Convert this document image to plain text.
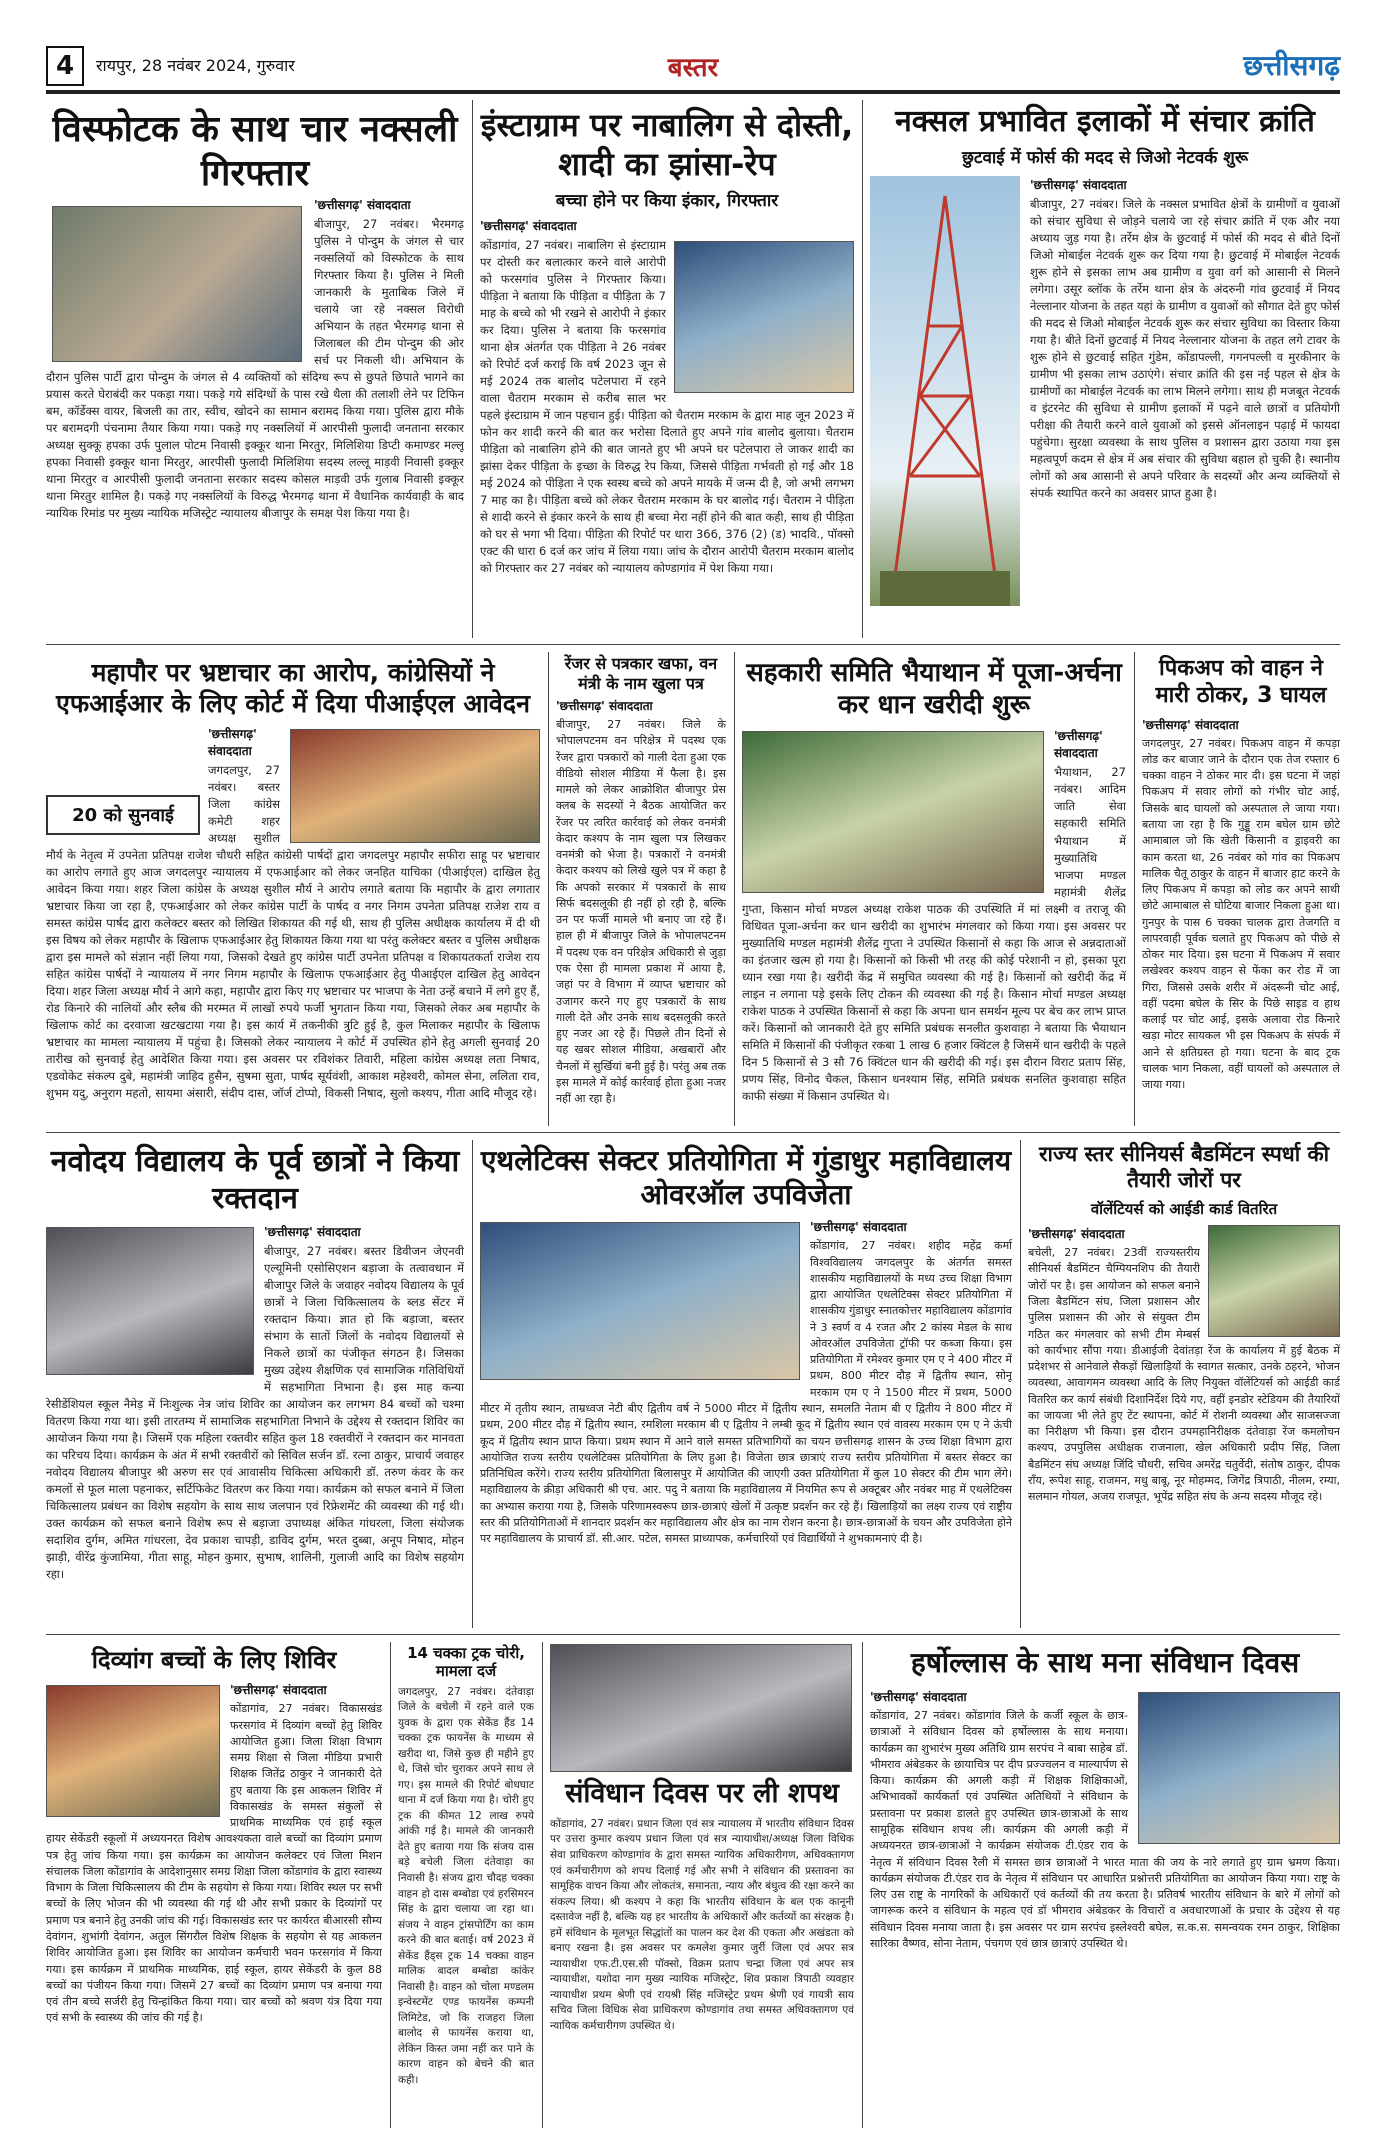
4	रायपुर, 28 नवंबर 2024, गुरुवार	बस्तर	छत्तीसगढ़
विस्फोटक के साथ चार नक्सली गिरफ्तार

'छत्तीसगढ़' संवाददाता

बीजापुर, 27 नवंबर। भैरमगढ़ पुलिस ने पोन्दुम के जंगल से चार नक्सलियों को विस्फोटक के साथ गिरफ्तार किया है। पुलिस ने मिली जानकारी के मुताबिक जिले में चलाये जा रहे नक्सल विरोधी अभियान के तहत भैरमगढ़ थाना से जिलाबल की टीम पोन्दुम की ओर सर्च पर निकली थी। अभियान के दौरान पुलिस पार्टी द्वारा पोन्दुम के जंगल से 4 व्यक्तियों को संदिग्ध रूप से छुपते छिपाते भागने का प्रयास करते घेराबंदी कर पकड़ा गया। पकड़े गये संदिग्धों के पास रखे थैला की तलाशी लेने पर टिफिन बम, कॉर्डेक्स वायर, बिजली का तार, स्वीच, खोदने का सामान बरामद किया गया। पुलिस द्वारा मौके पर बरामदगी पंचनामा तैयार किया गया। पकड़े गए नक्सलियों में आरपीसी फुलादी जनताना सरकार अध्यक्ष सुक्कू हपका उर्फ पुलाल पोटम निवासी इक्कूर थाना मिरतुर, मिलिशिया डिप्टी कमाण्डर मल्लू हपका निवासी इक्कूर थाना मिरतुर, आरपीसी फुलादी मिलिशिया सदस्य लल्लू माड़वी निवासी इक्कूर थाना मिरतुर व आरपीसी फुलादी जनताना सरकार सदस्य कोसल माड़वी उर्फ गुलाब निवासी इक्कूर थाना मिरतुर शामिल है। पकड़े गए नक्सलियों के विरुद्ध भैरमगढ़ थाना में वैधानिक कार्यवाही के बाद न्यायिक रिमांड पर मुख्य न्यायिक मजिस्ट्रेट न्यायालय बीजापुर के समक्ष पेश किया गया है।
इंस्टाग्राम पर नाबालिग से दोस्ती, शादी का झांसा-रेप

बच्चा होने पर किया इंकार, गिरफ्तार

'छत्तीसगढ़' संवाददाता

कोंडागांव, 27 नवंबर। नाबालिग से इंस्टाग्राम पर दोस्ती कर बलात्कार करने वाले आरोपी को फरसगांव पुलिस ने गिरफ्तार किया। पीड़िता ने बताया कि पीड़िता व पीड़िता के 7 माह के बच्चे को भी रखने से आरोपी ने इंकार कर दिया। पुलिस ने बताया कि फरसगांव थाना क्षेत्र अंतर्गत एक पीड़िता ने 26 नवंबर को रिपोर्ट दर्ज कराई कि वर्ष 2023 जून से मई 2024 तक बालोद पटेलपारा में रहने वाला चैतराम मरकाम से करीब साल भर पहले इंस्टाग्राम में जान पहचान हुई। पीड़िता को चैतराम मरकाम के द्वारा माह जून 2023 में फोन कर शादी करने की बात कर भरोसा दिलाते हुए अपने गांव बालोद बुलाया। चैतराम पीड़िता को नाबालिग होने की बात जानते हुए भी अपने घर पटेलपारा ले जाकर शादी का झांसा देकर पीड़िता के इच्छा के विरुद्ध रेप किया, जिससे पीड़िता गर्भवती हो गई और 18 मई 2024 को पीड़िता ने एक स्वस्थ बच्चे को अपने मायके में जन्म दी है, जो अभी लगभग 7 माह का है। पीड़िता बच्चे को लेकर चैतराम मरकाम के घर बालोद गई। चैतराम ने पीड़िता से शादी करने से इंकार करने के साथ ही बच्चा मेरा नहीं होने की बात कही, साथ ही पीड़िता को घर से भगा भी दिया। पीड़िता की रिपोर्ट पर धारा 366, 376 (2) (ड) भादवि., पॉक्सो एक्ट की धारा 6 दर्ज कर जांच में लिया गया। जांच के दौरान आरोपी चैतराम मरकाम बालोद को गिरफ्तार कर 27 नवंबर को न्यायालय कोण्डागांव में पेश किया गया।
नक्सल प्रभावित इलाकों में संचार क्रांति

छुटवाई में फोर्स की मदद से जिओ नेटवर्क शुरू

'छत्तीसगढ़' संवाददाता

बीजापुर, 27 नवंबर। जिले के नक्सल प्रभावित क्षेत्रों के ग्रामीणों व युवाओं को संचार सुविधा से जोड़ने चलाये जा रहे संचार क्रांति में एक और नया अध्याय जुड़ गया है। तर्रेम क्षेत्र के छुटवाई में फोर्स की मदद से बीते दिनों जिओ मोबाईल नेटवर्क शुरू कर दिया गया है। छुटवाई में मोबाईल नेटवर्क शुरू होने से इसका लाभ अब ग्रामीण व युवा वर्ग को आसानी से मिलने लगेगा। उसूर ब्लॉक के तर्रेम थाना क्षेत्र के अंदरुनी गांव छुटवाई में नियद नेल्लानार योजना के तहत यहां के ग्रामीण व युवाओं को सौगात देते हुए फोर्स की मदद से जिओ मोबाईल नेटवर्क शुरू कर संचार सुविधा का विस्तार किया गया है। बीते दिनों छुटवाई में नियद नेल्लानार योजना के तहत लगे टावर के शुरू होने से छुटवाई सहित गुंडेम, कोंडापल्ली, गगनपल्ली व मुरकीनार के ग्रामीण भी इसका लाभ उठाएंगे। संचार क्रांति की इस नई पहल से क्षेत्र के ग्रामीणों का मोबाईल नेटवर्क का लाभ मिलने लगेगा। साथ ही मजबूत नेटवर्क व इंटरनेट की सुविधा से ग्रामीण इलाकों में पढ़ने वाले छात्रों व प्रतियोगी परीक्षा की तैयारी करने वाले युवाओं को इससे ऑनलाइन पढ़ाई में फायदा पहुंचेगा। सुरक्षा व्यवस्था के साथ पुलिस व प्रशासन द्वारा उठाया गया इस महत्वपूर्ण कदम से क्षेत्र में अब संचार की सुविधा बहाल हो चुकी है। स्थानीय लोगों को अब आसानी से अपने परिवार के सदस्यों और अन्य व्यक्तियों से संपर्क स्थापित करने का अवसर प्राप्त हुआ है।
महापौर पर भ्रष्टाचार का आरोप, कांग्रेसियों ने एफआईआर के लिए कोर्ट में दिया पीआईएल आवेदन
20 को सुनवाई

'छत्तीसगढ़' संवाददाता

जगदलपुर, 27 नवंबर। बस्तर जिला कांग्रेस कमेटी शहर अध्यक्ष सुशील मौर्य के नेतृत्व में उपनेता प्रतिपक्ष राजेश चौधरी सहित कांग्रेसी पार्षदों द्वारा जगदलपुर महापौर सफीरा साहू पर भ्रष्टाचार का आरोप लगाते हुए आज जगदलपुर न्यायालय में एफआईआर को लेकर जनहित याचिका (पीआईएल) दाखिल हेतु आवेदन किया गया। शहर जिला कांग्रेस के अध्यक्ष सुशील मौर्य ने आरोप लगाते बताया कि महापौर के द्वारा लगातार भ्रष्टाचार किया जा रहा है, एफआईआर को लेकर कांग्रेस पार्टी के पार्षद व नगर निगम उपनेता प्रतिपक्ष राजेश राय व समस्त कांग्रेस पार्षद द्वारा कलेक्टर बस्तर को लिखित शिकायत की गई थी, साथ ही पुलिस अधीक्षक कार्यालय में दी थी इस विषय को लेकर महापौर के खिलाफ एफआईआर हेतु शिकायत किया गया था परंतु कलेक्टर बस्तर व पुलिस अधीक्षक द्वारा इस मामले को संज्ञान नहीं लिया गया, जिसको देखते हुए कांग्रेस पार्टी उपनेता प्रतिपक्ष व शिकायतकर्ता राजेश राय सहित कांग्रेस पार्षदों ने न्यायालय में नगर निगम महापौर के खिलाफ एफआईआर हेतु पीआईएल दाखिल हेतु आवेदन दिया। शहर जिला अध्यक्ष मौर्य ने आगे कहा, महापौर द्वारा किए गए भ्रष्टाचार पर भाजपा के नेता उन्हें बचाने में लगे हुए हैं, रोड किनारे की नालियों और स्लैब की मरम्मत में लाखों रुपये फर्जी भुगतान किया गया, जिसको लेकर अब महापौर के खिलाफ कोर्ट का दरवाजा खटखटाया गया है। इस कार्य में तकनीकी त्रुटि हुई है, कुल मिलाकर महापौर के खिलाफ भ्रष्टाचार का मामला न्यायालय में पहुंचा है। जिसको लेकर न्यायालय ने कोर्ट में उपस्थित होने हेतु अगली सुनवाई 20 तारीख को सुनवाई हेतु आदेशित किया गया। इस अवसर पर रविशंकर तिवारी, महिला कांग्रेस अध्यक्ष लता निषाद, एडवोकेट संकल्प दुबे, महामंत्री जाहिद हुसैन, सुषमा सुता, पार्षद सूर्यवंशी, आकाश महेश्वरी, कोमल सेना, ललिता राव, शुभम यदु, अनुराग महतो, सायमा अंसारी, संदीप दास, जॉर्ज टोप्पो, विकसी निषाद, सुलो कश्यप, गीता आदि मौजूद रहे।
रेंजर से पत्रकार खफा, वन मंत्री के नाम खुला पत्र

'छत्तीसगढ़' संवाददाता

बीजापुर, 27 नवंबर। जिले के भोपालपटनम वन परिक्षेत्र में पदस्थ एक रेंजर द्वारा पत्रकारों को गाली देता हुआ एक वीडियो सोशल मीडिया में फैला है। इस मामले को लेकर आक्रोशित बीजापुर प्रेस क्लब के सदस्यों ने बैठक आयोजित कर रेंजर पर त्वरित कार्रवाई को लेकर वनमंत्री केदार कश्यप के नाम खुला पत्र लिखकर वनमंत्री को भेजा है। पत्रकारों ने वनमंत्री केदार कश्यप को लिखे खुले पत्र में कहा है कि अपको सरकार में पत्रकारों के साथ सिर्फ बदसलूकी ही नहीं हो रही है, बल्कि उन पर फर्जी मामले भी बनाए जा रहे हैं। हाल ही में बीजापुर जिले के भोपालपटनम में पदस्थ एक वन परिक्षेत्र अधिकारी से जुड़ा एक ऐसा ही मामला प्रकाश में आया है, जहां पर वे विभाग में व्याप्त भ्रष्टाचार को उजागर करने गए हुए पत्रकारों के साथ गाली देते और उनके साथ बदसलूकी करते हुए नजर आ रहे हैं। पिछले तीन दिनों से यह खबर सोशल मीडिया, अखबारों और चैनलों में सुर्खियां बनी हुई है। परंतु अब तक इस मामले में कोई कार्रवाई होता हुआ नजर नहीं आ रहा है।
सहकारी समिति भैयाथान में पूजा-अर्चना कर धान खरीदी शुरू

'छत्तीसगढ़' संवाददाता

भैयाथान, 27 नवंबर। आदिम जाति सेवा सहकारी समिति भैयाथान में मुख्यातिथि भाजपा मण्डल महामंत्री शैलेंद्र गुप्ता, किसान मोर्चा मण्डल अध्यक्ष राकेश पाठक की उपस्थिति में मां लक्ष्मी व तराजू की विधिवत पूजा-अर्चना कर धान खरीदी का शुभारंभ मंगलवार को किया गया। इस अवसर पर मुख्यातिथि मण्डल महामंत्री शैलेंद्र गुप्ता ने उपस्थित किसानों से कहा कि आज से अन्नदाताओं का इंतजार खत्म हो गया है। किसानों को किसी भी तरह की कोई परेशानी न हो, इसका पूरा ध्यान रखा गया है। खरीदी केंद्र में समुचित व्यवस्था की गई है। किसानों को खरीदी केंद्र में लाइन न लगाना पड़े इसके लिए टोकन की व्यवस्था की गई है। किसान मोर्चा मण्डल अध्यक्ष राकेश पाठक ने उपस्थित किसानों से कहा कि अपना धान समर्थन मूल्य पर बेच कर लाभ प्राप्त करें। किसानों को जानकारी देते हुए समिति प्रबंधक सनलीत कुशवाहा ने बताया कि भैयाथान समिति में किसानों की पंजीकृत रकबा 1 लाख 6 हजार क्विंटल है जिसमें धान खरीदी के पहले दिन 5 किसानों से 3 सौ 76 क्विंटल धान की खरीदी की गई। इस दौरान विराट प्रताप सिंह, प्रणय सिंह, विनोद चैकल, किसान धनश्याम सिंह, समिति प्रबंधक सनलित कुशवाहा सहित काफी संख्या में किसान उपस्थित थे।
पिकअप को वाहन ने मारी ठोकर, 3 घायल

'छत्तीसगढ़' संवाददाता

जगदलपुर, 27 नवंबर। पिकअप वाहन में कपड़ा लोड कर बाजार जाने के दौरान एक तेज रफ्तार 6 चक्का वाहन ने ठोकर मार दी। इस घटना में जहां पिकअप में सवार लोगों को गंभीर चोट आई, जिसके बाद घायलों को अस्पताल ले जाया गया। बताया जा रहा है कि गुड्डू राम बघेल ग्राम छोटे आमाबाल जो कि खेती किसानी व ड्राइवरी का काम करता था, 26 नवंबर को गांव का पिकअप मालिक चैतू ठाकुर के वाहन में बाजार हाट करने के लिए पिकअप में कपड़ा को लोड कर अपने साथी छोटे आमाबाल से घोटिया बाजार निकला हुआ था। गुनपुर के पास 6 चक्का चालक द्वारा तेजगति व लापरवाही पूर्वक चलाते हुए पिकअप को पीछे से ठोकर मार दिया। इस घटना में पिकअप में सवार लखेश्वर कश्यप वाहन से फेंका कर रोड में जा गिरा, जिससे उसके शरीर में अंदरूनी चोट आई, वहीं पदमा बघेल के सिर के पिछे साइड व हाथ कलाई पर चोट आई, इसके अलावा रोड किनारे खड़ा मोटर सायकल भी इस पिकअप के संपर्क में आने से क्षतिग्रस्त हो गया। घटना के बाद ट्रक चालक भाग निकला, वहीं घायलों को अस्पताल ले जाया गया।
नवोदय विद्यालय के पूर्व छात्रों ने किया रक्तदान

'छत्तीसगढ़' संवाददाता

बीजापुर, 27 नवंबर। बस्तर डिवीजन जेएनवी एल्यूमिनी एसोसिएशन बड़ाजा के तत्वावधान में बीजापुर जिले के जवाहर नवोदय विद्यालय के पूर्व छात्रों ने जिला चिकित्सालय के ब्लड सेंटर में रक्तदान किया। ज्ञात हो कि बड़ाजा, बस्तर संभाग के सातों जिलों के नवोदय विद्यालयों से निकले छात्रों का पंजीकृत संगठन है। जिसका मुख्य उद्देश्य शैक्षणिक एवं सामाजिक गतिविधियों में सहभागिता निभाना है। इस माह कन्या रेसीडेंशियल स्कूल नैमेड़ में निःशुल्क नेत्र जांच शिविर का आयोजन कर लगभग 84 बच्चों को चश्मा वितरण किया गया था। इसी तारतम्य में सामाजिक सहभागिता निभाने के उद्देश्य से रक्तदान शिविर का आयोजन किया गया है। जिसमें एक महिला रक्तवीर सहित कुल 18 रक्तवीरों ने रक्तदान कर मानवता का परिचय दिया। कार्यक्रम के अंत में सभी रक्तवीरों को सिविल सर्जन डॉ. रत्ना ठाकुर, प्राचार्य जवाहर नवोदय विद्यालय बीजापुर श्री अरुण सर एवं आवासीय चिकित्सा अधिकारी डॉ. तरुण कंवर के कर कमलों से फूल माला पहनाकर, सर्टिफिकेट वितरण कर किया गया। कार्यक्रम को सफल बनाने में जिला चिकित्सालय प्रबंधन का विशेष सहयोग के साथ साथ जलपान एवं रिफ्रेशमेंट की व्यवस्था की गई थी। उक्त कार्यक्रम को सफल बनाने विशेष रूप से बड़ाजा उपाध्यक्ष अंकित गांधरला, जिला संयोजक सदाशिव दुर्गम, अमित गांधरला, देव प्रकाश चापड़ी, डाविद दुर्गम, भरत दुब्बा, अनूप निषाद, मोहन झाड़ी, वीरेंद्र कुंजामिया, गीता साहू, मोहन कुमार, सुभाष, शालिनी, गुलाजी आदि का विशेष सहयोग रहा।
एथलेटिक्स सेक्टर प्रतियोगिता में गुंडाधुर महाविद्यालय ओवरऑल उपविजेता

'छत्तीसगढ़' संवाददाता

कोंडागांव, 27 नवंबर। शहीद महेंद्र कर्मा विश्वविद्यालय जगदलपुर के अंतर्गत समस्त शासकीय महाविद्यालयों के मध्य उच्च शिक्षा विभाग द्वारा आयोजित एथलेटिक्स सेक्टर प्रतियोगिता में शासकीय गुंडाधुर स्नातकोत्तर महाविद्यालय कोंडागांव ने 3 स्वर्ण व 4 रजत और 2 कांस्य मेडल के साथ ओवरऑल उपविजेता ट्रॉफी पर कब्जा किया। इस प्रतियोगिता में रमेश्वर कुमार एम ए ने 400 मीटर में प्रथम, 800 मीटर दौड़ में द्वितीय स्थान, सोनू मरकाम एम ए ने 1500 मीटर में प्रथम, 5000 मीटर में तृतीय स्थान, ताम्रध्वज नेटी बीए द्वितीय वर्ष ने 5000 मीटर में द्वितीय स्थान, समलति नेताम बी ए द्वितीय ने 800 मीटर में प्रथम, 200 मीटर दौड़ में द्वितीय स्थान, रमशिला मरकाम बी ए द्वितीय ने लम्बी कूद में द्वितीय स्थान एवं वावस्य मरकाम एम ए ने ऊंची कूद में द्वितीय स्थान प्राप्त किया। प्रथम स्थान में आने वाले समस्त प्रतिभागियों का चयन छत्तीसगढ़ शासन के उच्च शिक्षा विभाग द्वारा आयोजित राज्य स्तरीय एथलेटिक्स प्रतियोगिता के लिए हुआ है। विजेता छात्र छात्राएं राज्य स्तरीय प्रतियोगिता में बस्तर सेक्टर का प्रतिनिधित्व करेंगे। राज्य स्तरीय प्रतियोगिता बिलासपुर में आयोजित की जाएगी उक्त प्रतियोगिता में कुल 10 सेक्टर की टीम भाग लेंगे। महाविद्यालय के क्रीड़ा अधिकारी श्री एच. आर. पदु ने बताया कि महाविद्यालय में नियमित रूप से अक्टूबर और नवंबर माह में एथलेटिक्स का अभ्यास कराया गया है, जिसके परिणामस्वरूप छात्र-छात्राएं खेलों में उत्कृष्ट प्रदर्शन कर रहे हैं। खिलाड़ियों का लक्ष्य राज्य एवं राष्ट्रीय स्तर की प्रतियोगिताओं में शानदार प्रदर्शन कर महाविद्यालय और क्षेत्र का नाम रोशन करना है। छात्र-छात्राओं के चयन और उपविजेता होने पर महाविद्यालय के प्राचार्य डॉ. सी.आर. पटेल, समस्त प्राध्यापक, कर्मचारियों एवं विद्यार्थियों ने शुभकामनाएं दी है।
राज्य स्तर सीनियर्स बैडमिंटन स्पर्धा की तैयारी जोरों पर

वॉलेंटियर्स को आईडी कार्ड वितरित

'छत्तीसगढ़' संवाददाता

बचेली, 27 नवंबर। 23वीं राज्यस्तरीय सीनियर्स बैडमिंटन चैम्पियनशिप की तैयारी जोरों पर है। इस आयोजन को सफल बनाने जिला बैडमिंटन संघ, जिला प्रशासन और पुलिस प्रशासन की ओर से संयुक्त टीम गठित कर मंगलवार को सभी टीम मेम्बर्स को कार्यभार सौंपा गया। डीआईजी देवांतड़ा रेंज के कार्यालय में हुई बैठक में प्रदेशभर से आनेवाले सैकड़ों खिलाड़ियों के स्वागत सत्कार, उनके ठहरने, भोजन व्यवस्था, आवागमन व्यवस्था आदि के लिए नियुक्त वॉलेंटियर्स को आईडी कार्ड वितरित कर कार्य संबंधी दिशानिर्देश दिये गए, वहीं इनडोर स्टेडियम की तैयारियों का जायजा भी लेते हुए टेंट स्थापना, कोर्ट में रोशनी व्यवस्था और साजसज्जा का निरीक्षण भी किया। इस दौरान उपमहानिरीक्षक दंतेवाड़ा रेंज कमलोचन कश्यप, उपपुलिस अधीक्षक राजनाला, खेल अधिकारी प्रदीप सिंह, जिला बैडमिंटन संघ अध्यक्ष जिंदि चौधरी, सचिव अमरेंद्र चतुर्वेदी, संतोष ठाकुर, दीपक राँय, रूपेश साहू, राजमन, मधु बाबू, नूर मोहम्मद, जिगेंद्र त्रिपाठी, नीलम, रम्या, सलमान गोयल, अजय राजपूत, भूपेंद्र सहित संघ के अन्य सदस्य मौजूद रहे।
दिव्यांग बच्चों के लिए शिविर

'छत्तीसगढ़' संवाददाता

कोंडागांव, 27 नवंबर। विकासखंड फरसगांव में दिव्यांग बच्चों हेतु शिविर आयोजित हुआ। जिला शिक्षा विभाग समग्र शिक्षा से जिला मीडिया प्रभारी शिक्षक जितेंद्र ठाकुर ने जानकारी देते हुए बताया कि इस आकलन शिविर में विकासखंड के समस्त संकुलों से प्राथमिक माध्यमिक एवं हाई स्कूल हायर सेकेंडरी स्कूलों में अध्ययनरत विशेष आवश्यकता वाले बच्चों का दिव्यांग प्रमाण पत्र हेतु जांच किया गया। इस कार्यक्रम का आयोजन कलेक्टर एवं जिला मिशन संचालक जिला कोंडागांव के आदेशानुसार समग्र शिक्षा जिला कोंडागांव के द्वारा स्वास्थ्य विभाग के जिला चिकित्सालय की टीम के सहयोग से किया गया। शिविर स्थल पर सभी बच्चों के लिए भोजन की भी व्यवस्था की गई थी और सभी प्रकार के दिव्यांगों पर प्रमाण पत्र बनाने हेतु उनकी जांच की गई। विकासखंड स्तर पर कार्यरत बीआरसी सौम्य देवांगन, शुभांगी देवांगन, अतुल सिंगरौल विशेष शिक्षक के सहयोग से यह आकलन शिविर आयोजित हुआ। इस शिविर का आयोजन कर्मचारी भवन फरसगांव में किया गया। इस कार्यक्रम में प्राथमिक माध्यमिक, हाई स्कूल, हायर सेकेंडरी के कुल 88 बच्चों का पंजीयन किया गया। जिसमें 27 बच्चों का दिव्यांग प्रमाण पत्र बनाया गया एवं तीन बच्चे सर्जरी हेतु चिन्हांकित किया गया। चार बच्चों को श्रवण यंत्र दिया गया एवं सभी के स्वास्थ्य की जांच की गई है।
14 चक्का ट्रक चोरी, मामला दर्ज
जगदलपुर, 27 नवंबर। दंतेवाड़ा जिले के बचेली में रहने वाले एक युवक के द्वारा एक सेकेंड हैंड 14 चक्का ट्रक फायनेंस के माध्यम से खरीदा था, जिसे कुछ ही महीने हुए थे, जिसे चोर चुराकर अपने साथ ले गए। इस मामले की रिपोर्ट बोधघाट थाना में दर्ज किया गया है। चोरी हुए ट्रक की कीमत 12 लाख रुपये आंकी गई है। मामले की जानकारी देते हुए बताया गया कि संजय दास बड़े बचेली जिला दंतेवाड़ा का निवासी है। संजय द्वारा चौदह चक्का वाहन हो दास बम्बोडा एवं हरसिमरन सिंह के द्वारा चलाया जा रहा था। संजय ने वाहन ट्रांसपोर्टिंग का काम करने की बात बताई। वर्ष 2023 में सेकेंड हैंड्स ट्रक 14 चक्का वाहन मालिक बादल बम्बोडा कांकेर निवासी है। वाहन को चोला मण्डलम इन्वेस्टमेंट एण्ड फायनेंस कम्पनी लिमिटेड, जो कि राजहरा जिला बालोद से फायनेंस कराया था, लेकिन किस्त जमा नहीं कर पाने के कारण वाहन को बेचने की बात कही।
संविधान दिवस पर ली शपथ
कोंडागांव, 27 नवंबर। प्रधान जिला एवं सत्र न्यायालय में भारतीय संविधान दिवस पर उत्तरा कुमार कश्यप प्रधान जिला एवं सत्र न्यायाधीश/अध्यक्ष जिला विधिक सेवा प्राधिकरण कोण्डागांव के द्वारा समस्त न्यायिक अधिकारीगण, अधिवक्तागण एवं कर्मचारीगण को शपथ दिलाई गई और सभी ने संविधान की प्रस्तावना का सामूहिक वाचन किया और लोकतंत्र, समानता, न्याय और बंधुत्व की रक्षा करने का संकल्प लिया। श्री कश्यप ने कहा कि भारतीय संविधान के बल एक कानूनी दस्तावेज नहीं है, बल्कि यह हर भारतीय के अधिकारों और कर्तव्यों का संरक्षक है। हमें संविधान के मूलभूत सिद्धांतों का पालन कर देश की एकता और अखंडता को बनाए रखना है। इस अवसर पर कमलेश कुमार जुर्री जिला एवं अपर सत्र न्यायाधीश एफ.टी.एस.सी पॉक्सो, विक्रम प्रताप चन्द्रा जिला एवं अपर सत्र न्यायाधीश, यशोदा नाग मुख्य न्यायिक मजिस्ट्रेट, शिव प्रकाश त्रिपाठी व्यवहार न्यायाधीश प्रथम श्रेणी एवं रायश्री सिंह मजिस्ट्रेट प्रथम श्रेणी एवं गायत्री साय सचिव जिला विधिक सेवा प्राधिकरण कोण्डागांव तथा समस्त अधिवक्तागण एवं न्यायिक कर्मचारीगण उपस्थित थे।
हर्षोल्लास के साथ मना संविधान दिवस

'छत्तीसगढ़' संवाददाता

कोंडागांव, 27 नवंबर। कोंडागांव जिले के कर्जी स्कूल के छात्र-छात्राओं ने संविधान दिवस को हर्षोल्लास के साथ मनाया। कार्यक्रम का शुभारंभ मुख्य अतिथि ग्राम सरपंच ने बाबा साहेब डॉ. भीमराव अंबेडकर के छायाचित्र पर दीप प्रज्ज्वलन व माल्यार्पण से किया। कार्यक्रम की अगली कड़ी में शिक्षक शिक्षिकाओं, अभिभावकों कार्यकर्ता एवं उपस्थित अतिथियों ने संविधान के प्रस्तावना पर प्रकाश डालते हुए उपस्थित छात्र-छात्राओं के साथ सामूहिक संविधान शपथ ली। कार्यक्रम की अगली कड़ी में अध्ययनरत छात्र-छात्राओं ने कार्यक्रम संयोजक टी.एंडर राव के नेतृत्व में संविधान दिवस रैली में समस्त छात्र छात्राओं ने भारत माता की जय के नारे लगाते हुए ग्राम भ्रमण किया। कार्यक्रम संयोजक टी.एंडर राव के नेतृत्व में संविधान पर आधारित प्रश्नोत्तरी प्रतियोगिता का आयोजन किया गया। राष्ट्र के लिए उस राष्ट्र के नागरिकों के अधिकारों एवं कर्तव्यों की तय करता है। प्रतिवर्ष भारतीय संविधान के बारे में लोगों को जागरूक करने व संविधान के महत्व एवं डॉ भीमराव अंबेडकर के विचारों व अवधारणाओं के प्रचार के उद्देश्य से यह संविधान दिवस मनाया जाता है। इस अवसर पर ग्राम सरपंच इस्लेश्वरी बघेल, स.क.स. समन्वयक रमन ठाकुर, शिक्षिका सारिका वैष्णव, सोना नेताम, पंचगण एवं छात्र छात्राएं उपस्थित थे।
